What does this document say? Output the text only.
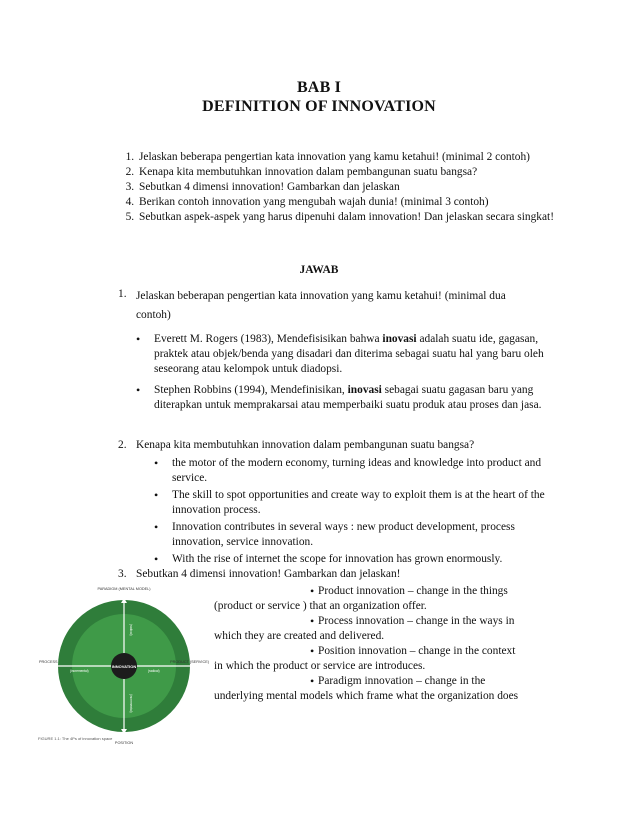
BAB I
DEFINITION OF INNOVATION
1. Jelaskan beberapa pengertian kata innovation yang kamu ketahui! (minimal 2 contoh)
2. Kenapa kita membutuhkan innovation dalam pembangunan suatu bangsa?
3. Sebutkan 4 dimensi innovation! Gambarkan dan jelaskan
4. Berikan contoh innovation yang mengubah wajah dunia! (minimal 3 contoh)
5. Sebutkan aspek-aspek yang harus dipenuhi dalam innovation! Dan jelaskan secara singkat!
JAWAB
1. Jelaskan beberapan pengertian kata innovation yang kamu ketahui! (minimal dua contoh)
• Everett M. Rogers (1983), Mendefisisikan bahwa inovasi adalah suatu ide, gagasan, praktek atau objek/benda yang disadari dan diterima sebagai suatu hal yang baru oleh seseorang atau kelompok untuk diadopsi.
• Stephen Robbins (1994), Mendefinisikan, inovasi sebagai suatu gagasan baru yang diterapkan untuk memprakarsai atau memperbaiki suatu produk atau proses dan jasa.
2. Kenapa kita membutuhkan innovation dalam pembangunan suatu bangsa?
• the motor of the modern economy, turning ideas and knowledge into product and service.
• The skill to spot opportunities and create way to exploit them is at the heart of the innovation process.
• Innovation contributes in several ways : new product development, process innovation, service innovation.
• With the rise of internet the scope for innovation has grown enormously.
3. Sebutkan 4 dimensi innovation! Gambarkan dan jelaskan!
• Product innovation – change in the things
(product or service ) that an organization offer.
• Process innovation – change in the ways in
which they are created and delivered.
• Position innovation – change in the context
in which the product or service are introduces.
• Paradigm innovation – change in the
underlying mental models which frame what the organization does
INNOVATION
PARADIGM (MENTAL MODEL)
POSITION
PROCESS	PRODUCT (SERVICE)
(radical)
(incremental)
(incremental)	(radical)
FIGURE 1.1: The 4Ps of innovation space
